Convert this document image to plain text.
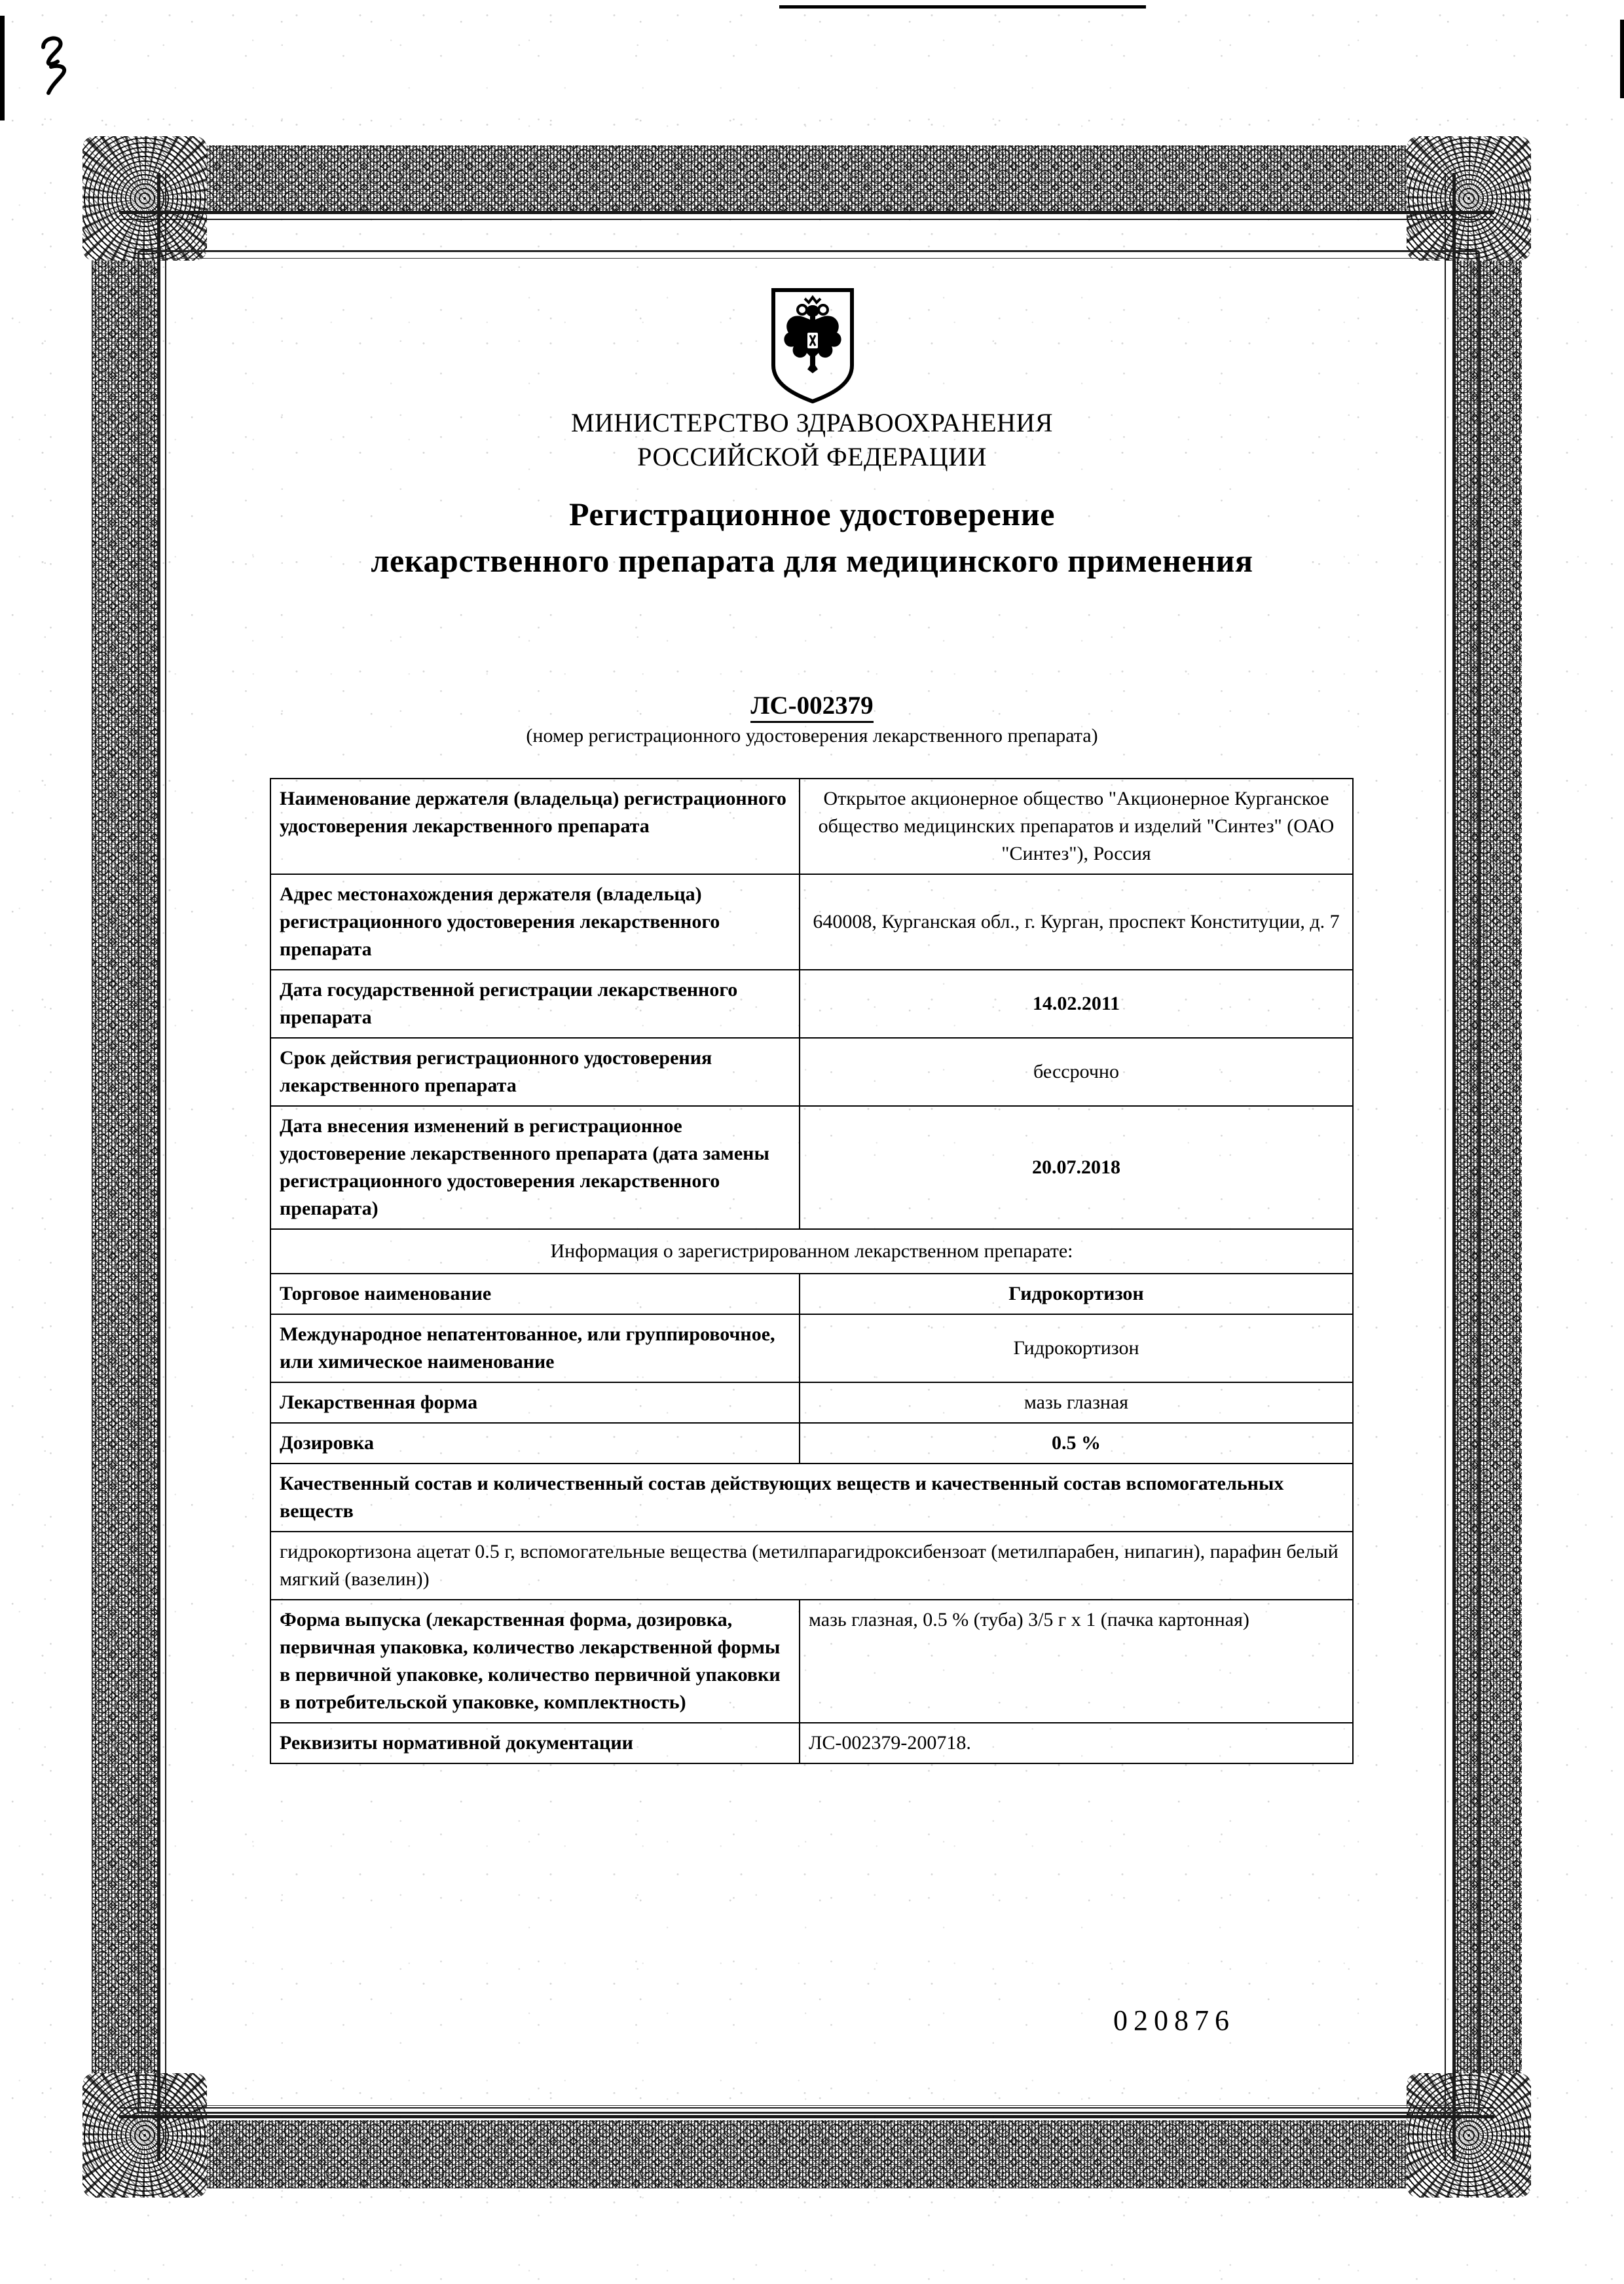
МИНИСТЕРСТВО ЗДРАВООХРАНЕНИЯ
РОССИЙСКОЙ ФЕДЕРАЦИИ
Регистрационное удостоверение
лекарственного препарата для медицинского применения
ЛС-002379
(номер регистрационного удостоверения лекарственного препарата)
Наименование держателя (владельца) регистрационного удостоверения лекарственного препарата	Открытое акционерное общество "Акционерное Курганское общество медицинских препаратов и изделий "Синтез" (ОАО "Синтез"), Россия
Адрес местонахождения держателя (владельца) регистрационного удостоверения лекарственного препарата	640008, Курганская обл., г. Курган, проспект Конституции, д. 7
Дата государственной регистрации лекарственного препарата	14.02.2011
Срок действия регистрационного удостоверения лекарственного препарата	бессрочно
Дата внесения изменений в регистрационное удостоверение лекарственного препарата (дата замены регистрационного удостоверения лекарственного препарата)	20.07.2018
Информация о зарегистрированном лекарственном препарате:	
Торговое наименование	Гидрокортизон
Международное непатентованное, или группировочное, или химическое наименование	Гидрокортизон
Лекарственная форма	мазь глазная
Дозировка	0.5 %
Качественный состав и количественный состав действующих веществ и качественный состав вспомогательных веществ	
гидрокортизона ацетат 0.5 г, вспомогательные вещества (метилпарагидроксибензоат (метилпарабен, нипагин), парафин белый мягкий (вазелин))	
Форма выпуска (лекарственная форма, дозировка, первичная упаковка, количество лекарственной формы в первичной упаковке, количество первичной упаковки в потребительской упаковке, комплектность)	мазь глазная, 0.5 % (туба) 3/5 г х 1 (пачка картонная)
Реквизиты нормативной документации	ЛС-002379-200718.
020876
